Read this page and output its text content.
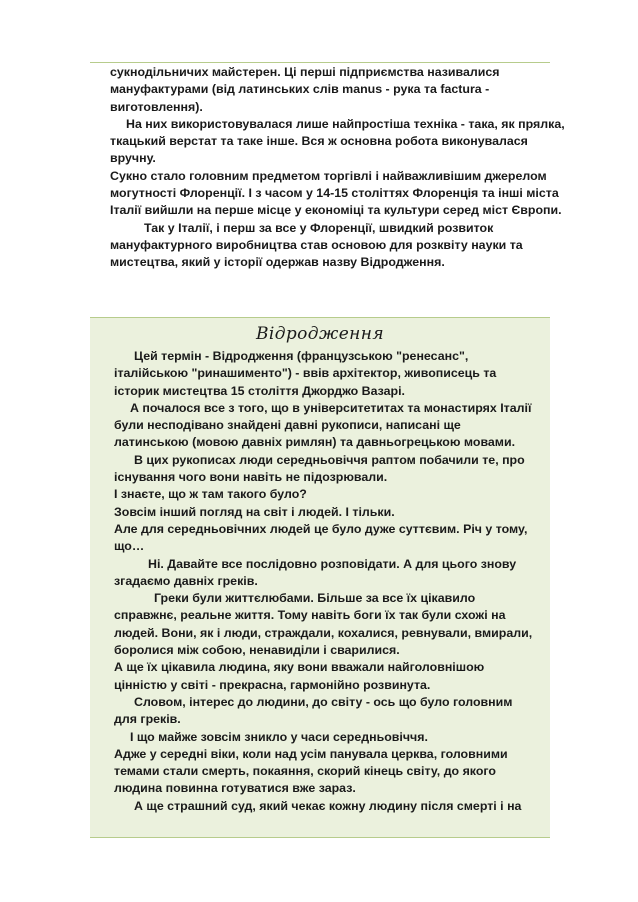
сукнодільничих майстерен. Ці перші підприємства називалися мануфактурами (від латинських слів manus - рука та factura - виготовлення).

На них використовувалася лише найпростіша техніка - така, як прялка, ткацький верстат та таке інше. Вся ж основна робота виконувалася вручну.

Сукно стало головним предметом торгівлі і найважливішим джерелом могутності Флоренції. І з часом у 14-15 століттях Флоренція та інші міста Італії вийшли на перше місце у економіці та культури серед міст Європи.

Так у Італії, і перш за все у Флоренції, швидкий розвиток мануфактурного виробництва став основою для розквіту науки та мистецтва, який у історії одержав назву Відродження.

Відродження

Цей термін - Відродження (французською "ренесанс", італійською "ринашименто") - ввів архітектор, живописець та історик мистецтва 15 століття Джорджо Вазарі.

А почалося все з того, що в університетитах та монастирях Італії були несподівано знайдені давні рукописи, написані ще латинською (мовою давніх римлян) та давньогрецькою мовами.

В цих рукописах люди середньовіччя раптом побачили те, про існування чого вони навіть не підозрювали.

І знаєте, що ж там такого було?

Зовсім інший погляд на світ і людей. І тільки.

Але для середньовічних людей це було дуже суттєвим. Річ у тому, що…

Ні. Давайте все послідовно розповідати. А для цього знову згадаємо давніх греків.

Греки були життєлюбами. Більше за все їх цікавило справжнє, реальне життя. Тому навіть боги їх так були схожі на людей. Вони, як і люди, страждали, кохалися, ревнували, вмирали, боролися між собою, ненавиділи і сварилися.

А ще їх цікавила людина, яку вони вважали найголовнішою цінністю у світі - прекрасна, гармонійно розвинута.

Словом, інтерес до людини, до світу - ось що було головним для греків.

І що майже зовсім зникло у часи середньовіччя.

Адже у середні віки, коли над усім панувала церква, головними темами стали смерть, покаяння, скорий кінець світу, до якого людина повинна готуватися вже зараз.

А ще страшний суд, який чекає кожну людину після смерті і на
